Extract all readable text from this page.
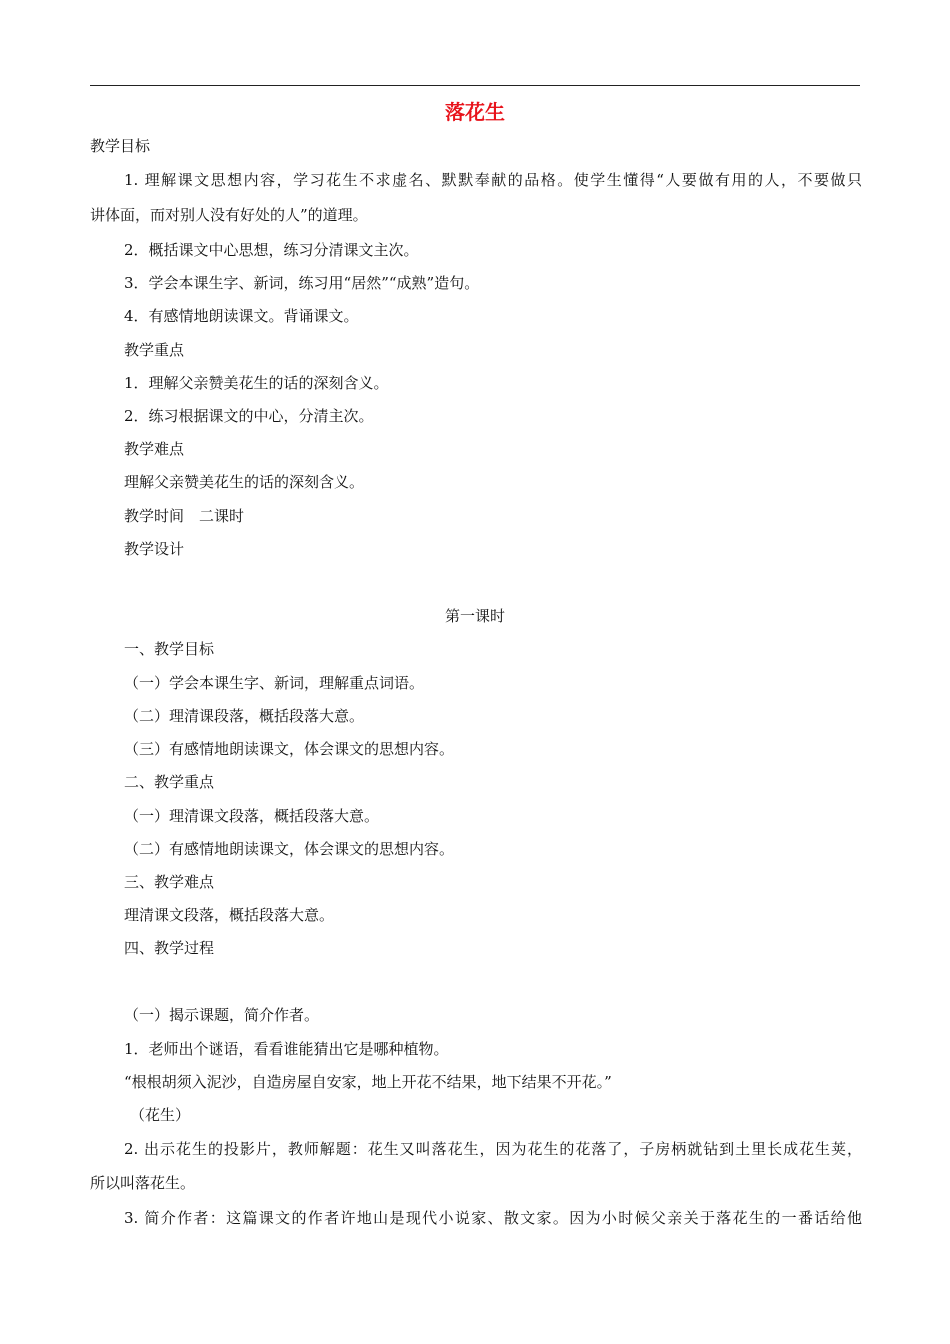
落花生
教学目标
1. 理解课文思想内容，学习花生不求虚名、默默奉献的品格。使学生懂得“人要做有用的人，不要做只
讲体面，而对别人没有好处的人”的道理。
2．概括课文中心思想，练习分清课文主次。
3．学会本课生字、新词，练习用“居然”“成熟”造句。
4．有感情地朗读课文。背诵课文。
教学重点
1．理解父亲赞美花生的话的深刻含义。
2．练习根据课文的中心，分清主次。
教学难点
理解父亲赞美花生的话的深刻含义。
教学时间　二课时
教学设计
第一课时
一、教学目标
（一）学会本课生字、新词，理解重点词语。
（二）理清课段落，概括段落大意。
（三）有感情地朗读课文，体会课文的思想内容。
二、教学重点
（一）理清课文段落，概括段落大意。
（二）有感情地朗读课文，体会课文的思想内容。
三、教学难点
理清课文段落，概括段落大意。
四、教学过程
（一）揭示课题，简介作者。
1．老师出个谜语，看看谁能猜出它是哪种植物。
“根根胡须入泥沙，自造房屋自安家，地上开花不结果，地下结果不开花。”
（花生）
2. 出示花生的投影片，教师解题：花生又叫落花生，因为花生的花落了，子房柄就钻到土里长成花生荚，
所以叫落花生。
3. 简介作者：这篇课文的作者许地山是现代小说家、散文家。因为小时候父亲关于落花生的一番话给他
